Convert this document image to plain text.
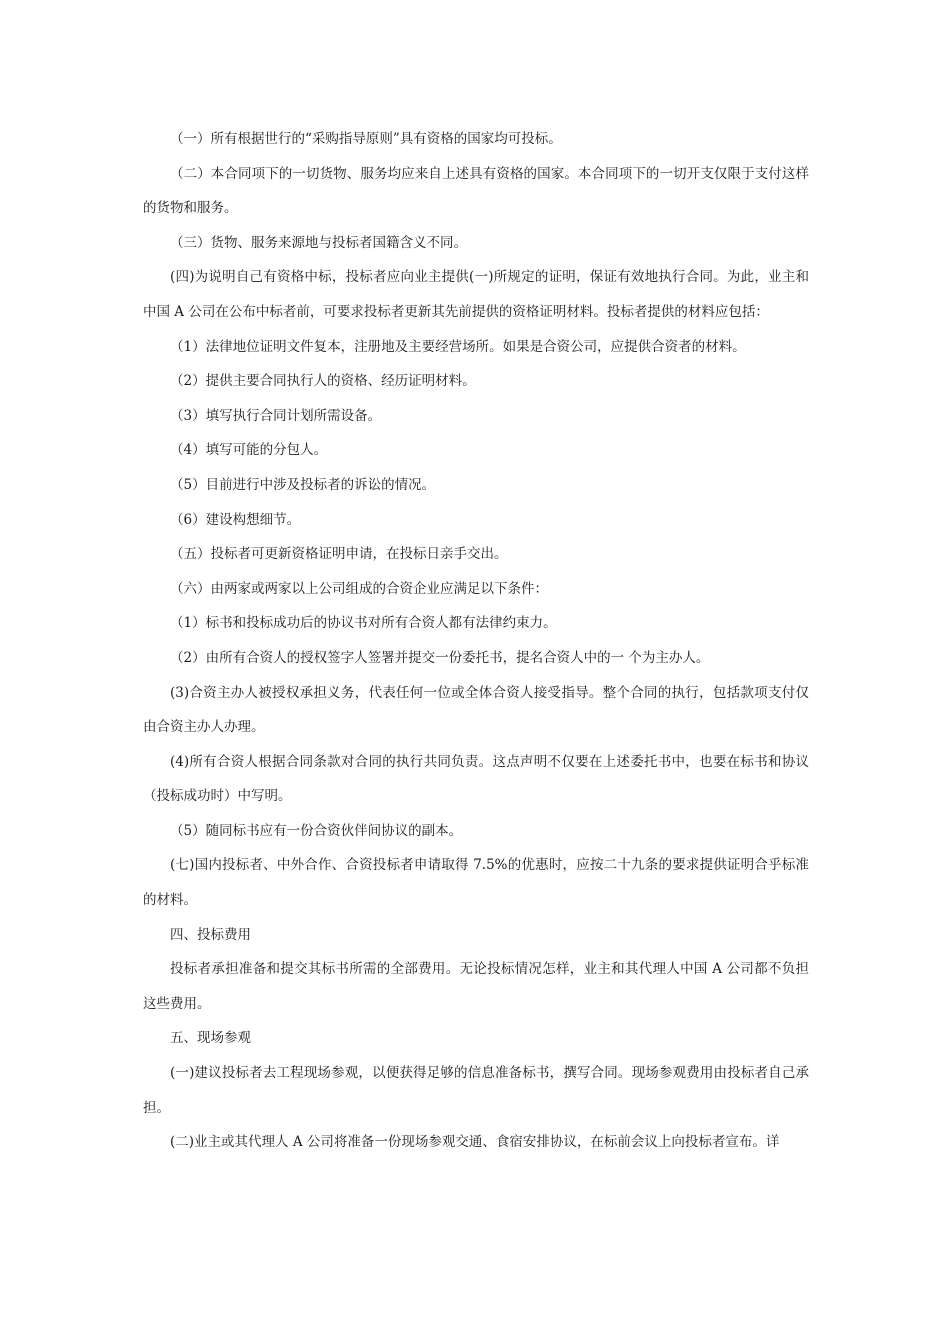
（一）所有根据世行的“采购指导原则”具有资格的国家均可投标。

（二）本合同项下的一切货物、服务均应来自上述具有资格的国家。本合同项下的一切开支仅限于支付这样的货物和服务。

（三）货物、服务来源地与投标者国籍含义不同。

(四)为说明自己有资格中标，投标者应向业主提供(一)所规定的证明，保证有效地执行合同。为此，业主和中国 A 公司在公布中标者前，可要求投标者更新其先前提供的资格证明材料。投标者提供的材料应包括：

（1）法律地位证明文件复本，注册地及主要经营场所。如果是合资公司，应提供合资者的材料。

（2）提供主要合同执行人的资格、经历证明材料。

（3）填写执行合同计划所需设备。

（4）填写可能的分包人。

（5）目前进行中涉及投标者的诉讼的情况。

（6）建设构想细节。

（五）投标者可更新资格证明申请，在投标日亲手交出。

（六）由两家或两家以上公司组成的合资企业应满足以下条件：

（1）标书和投标成功后的协议书对所有合资人都有法律约束力。

（2）由所有合资人的授权签字人签署并提交一份委托书，提名合资人中的一 个为主办人。

(3)合资主办人被授权承担义务，代表任何一位或全体合资人接受指导。整个合同的执行，包括款项支付仅由合资主办人办理。

(4)所有合资人根据合同条款对合同的执行共同负责。这点声明不仅要在上述委托书中，也要在标书和协议（投标成功时）中写明。

（5）随同标书应有一份合资伙伴间协议的副本。

(七)国内投标者、中外合作、合资投标者申请取得 7.5%的优惠时，应按二十九条的要求提供证明合乎标准的材料。

四、投标费用

投标者承担准备和提交其标书所需的全部费用。无论投标情况怎样，业主和其代理人中国 A 公司都不负担这些费用。

五、现场参观

(一)建议投标者去工程现场参观，以便获得足够的信息准备标书，撰写合同。现场参观费用由投标者自己承担。

(二)业主或其代理人 A 公司将准备一份现场参观交通、食宿安排协议，在标前会议上向投标者宣布。详
